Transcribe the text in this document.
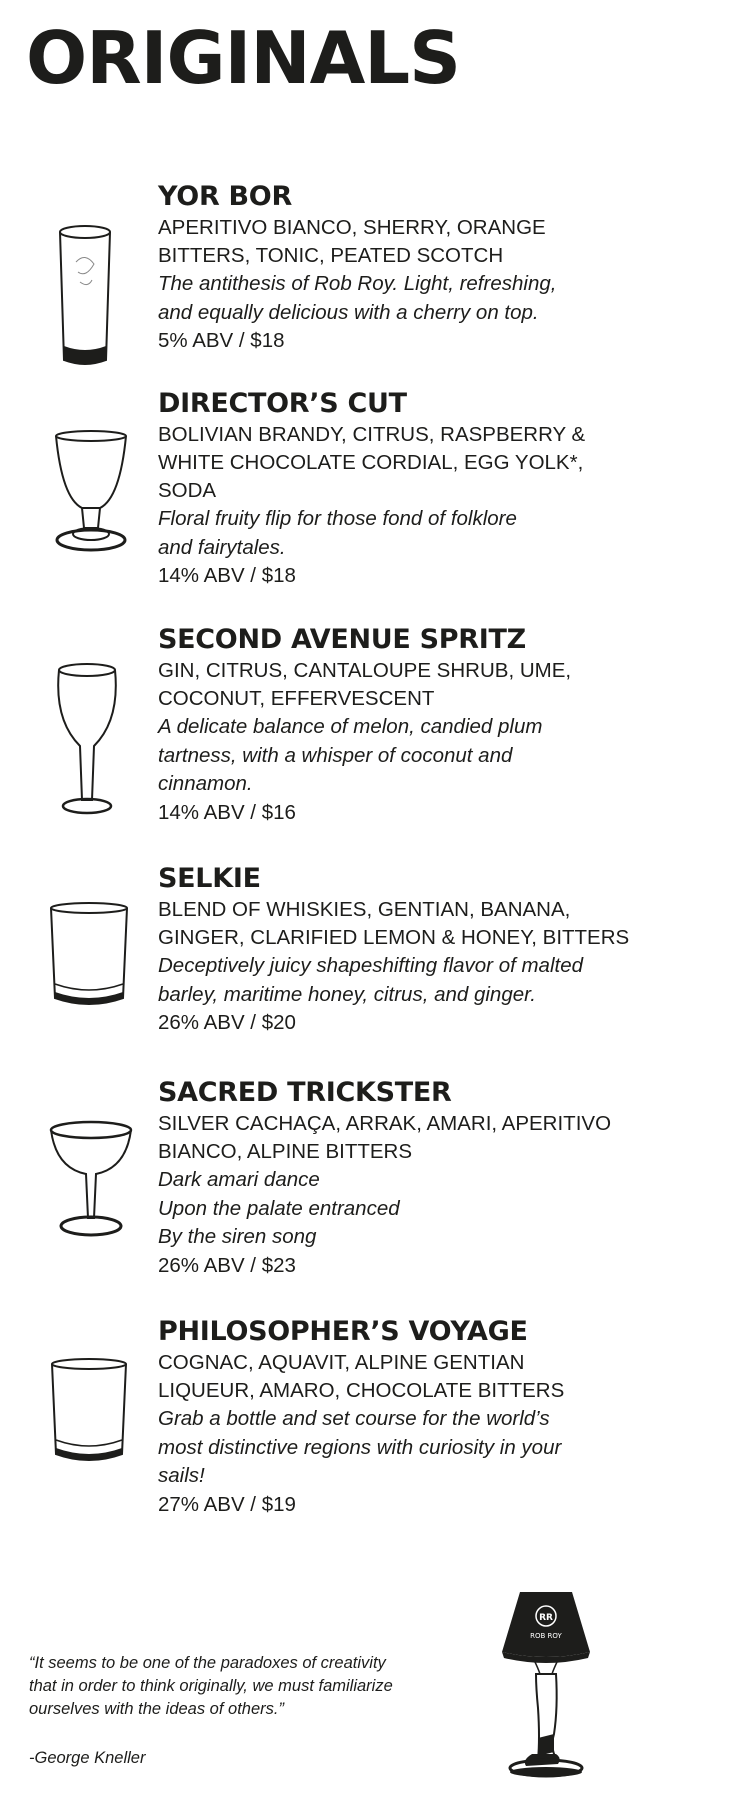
ORIGINALS
YOR BOR
APERITIVO BIANCO, SHERRY, ORANGE
BITTERS, TONIC, PEATED SCOTCH
The antithesis of Rob Roy. Light, refreshing,
and equally delicious with a cherry on top.
5% ABV / $18
DIRECTOR’S CUT
BOLIVIAN BRANDY, CITRUS, RASPBERRY &
WHITE CHOCOLATE CORDIAL, EGG YOLK*,
SODA
Floral fruity flip for those fond of folklore
and fairytales.
14% ABV / $18
SECOND AVENUE SPRITZ
GIN, CITRUS, CANTALOUPE SHRUB, UME,
COCONUT, EFFERVESCENT
A delicate balance of melon, candied plum
tartness, with a whisper of coconut and
cinnamon.
14% ABV / $16
SELKIE
BLEND OF WHISKIES, GENTIAN, BANANA,
GINGER, CLARIFIED LEMON & HONEY, BITTERS
Deceptively juicy shapeshifting flavor of malted
barley, maritime honey, citrus, and ginger.
26% ABV / $20
SACRED TRICKSTER
SILVER CACHAÇA, ARRAK, AMARI, APERITIVO
BIANCO, ALPINE BITTERS
Dark amari dance
Upon the palate entranced
By the siren song
26% ABV / $23
PHILOSOPHER’S VOYAGE
COGNAC, AQUAVIT, ALPINE GENTIAN
LIQUEUR, AMARO, CHOCOLATE BITTERS
Grab a bottle and set course for the world’s
most distinctive regions with curiosity in your
sails!
27% ABV / $19
“It seems to be one of the paradoxes of creativity
that in order to think originally, we must familiarize
ourselves with the ideas of others.”
-George Kneller
RR
ROB ROY
